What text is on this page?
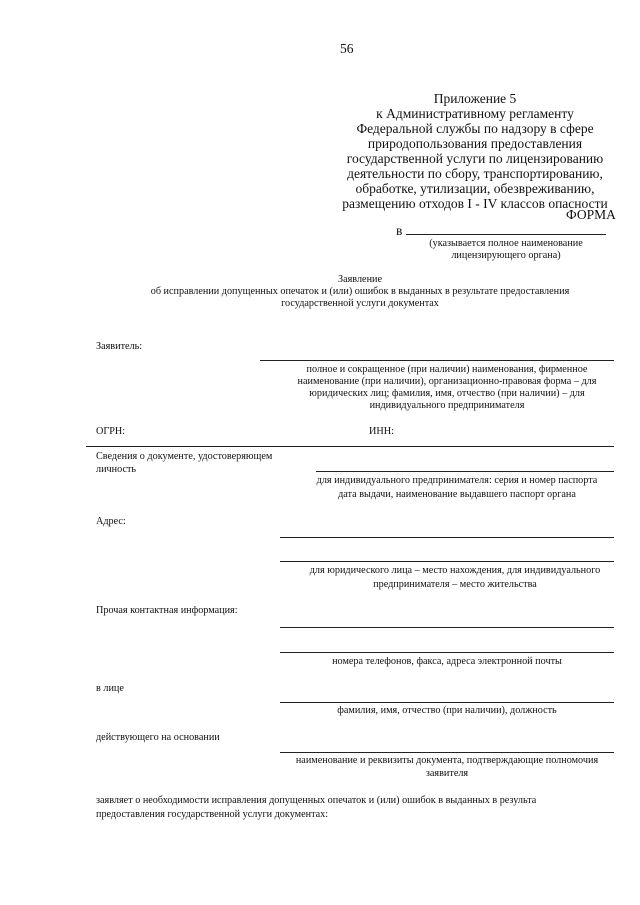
56
Приложение 5
к Административному регламенту
Федеральной службы по надзору в сфере
природопользования предоставления
государственной услуги по лицензированию
деятельности по сбору, транспортированию,
обработке, утилизации, обезвреживанию,
размещению отходов I - IV классов опасности
ФОРМА
в
(указывается полное наименование
лицензирующего органа)
Заявление
об исправлении допущенных опечаток и (или) ошибок в выданных в результате предоставления
государственной услуги документах
Заявитель:
полное и сокращенное (при наличии) наименования, фирменное
наименование (при наличии), организационно-правовая форма – для
юридических лиц; фамилия, имя, отчество (при наличии) – для
индивидуального предпринимателя
ОГРН:	ИНН:
Сведения о документе, удостоверяющем
личность
для индивидуального предпринимателя: серия и номер паспорта
дата выдачи, наименование выдавшего паспорт органа
Адрес:
для юридического лица – место нахождения, для индивидуального
предпринимателя – место жительства
Прочая контактная информация:
номера телефонов, факса, адреса электронной почты
в лице
фамилия, имя, отчество (при наличии), должность
действующего на основании
наименование и реквизиты документа, подтверждающие полномочия
заявителя
заявляет о необходимости исправления допущенных опечаток и (или) ошибок в выданных в результа
предоставления государственной услуги документах:
